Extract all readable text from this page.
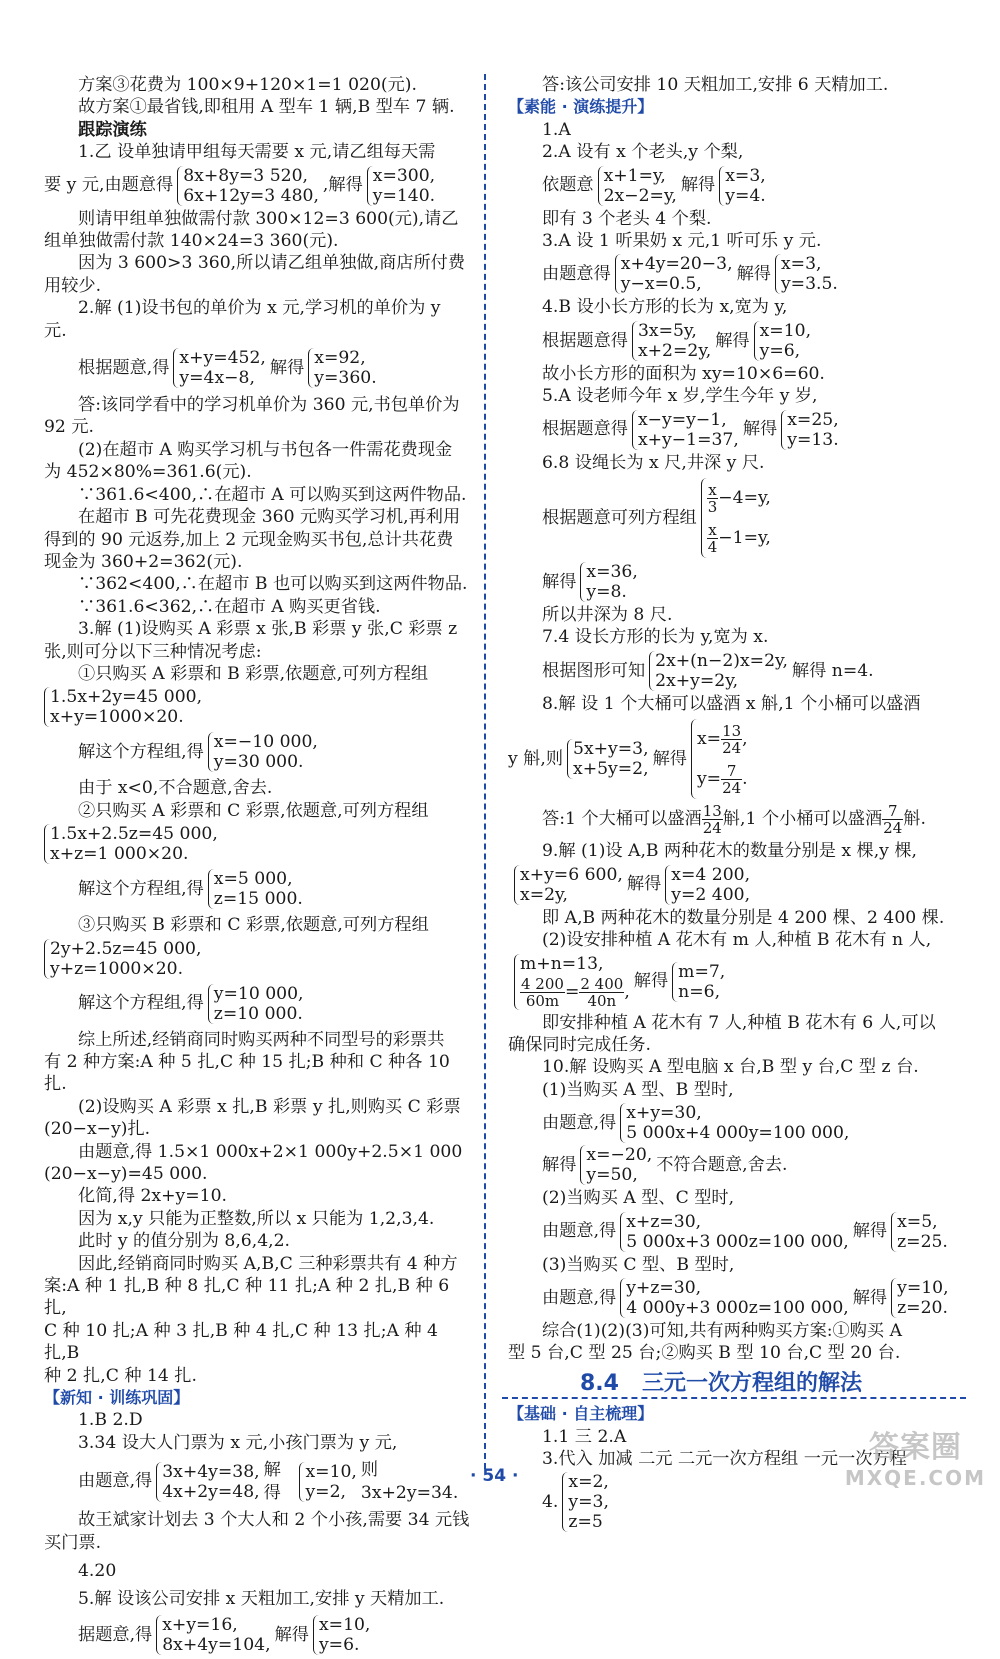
方案③花费为 100×9+120×1=1 020(元).

故方案①最省钱,即租用 A 型车 1 辆,B 型车 7 辆.

跟踪演练

1.乙 设单独请甲组每天需要 x 元,请乙组每天需

要 y 元,由题意得 8x+8y=3 520,
6x+12y=3 480,
,解得 x=300,
y=140.

则请甲组单独做需付款 300×12=3 600(元),请乙

组单独做需付款 140×24=3 360(元).

因为 3 600>3 360,所以请乙组单独做,商店所付费

用较少.

2.解 (1)设书包的单价为 x 元,学习机的单价为 y

元.

根据题意,得 x+y=452,
y=4x−8,
解得 x=92,
y=360.

答:该同学看中的学习机单价为 360 元,书包单价为

92 元.

(2)在超市 A 购买学习机与书包各一件需花费现金

为 452×80%=361.6(元).

∵361.6<400,∴在超市 A 可以购买到这两件物品.

在超市 B 可先花费现金 360 元购买学习机,再利用

得到的 90 元返券,加上 2 元现金购买书包,总计共花费

现金为 360+2=362(元).

∵362<400,∴在超市 B 也可以购买到这两件物品.

∵361.6<362,∴在超市 A 购买更省钱.

3.解 (1)设购买 A 彩票 x 张,B 彩票 y 张,C 彩票 z

张,则可分以下三种情况考虑:

①只购买 A 彩票和 B 彩票,依题意,可列方程组

1.5x+2y=45 000,
x+y=1000×20.
解这个方程组,得 x=−10 000,
y=30 000.

由于 x<0,不合题意,舍去.

②只购买 A 彩票和 C 彩票,依题意,可列方程组

1.5x+2.5z=45 000,
x+z=1 000×20.
解这个方程组,得 x=5 000,
z=15 000.

③只购买 B 彩票和 C 彩票,依题意,可列方程组

2y+2.5z=45 000,
y+z=1000×20.
解这个方程组,得 y=10 000,
z=10 000.

综上所述,经销商同时购买两种不同型号的彩票共

有 2 种方案:A 种 5 扎,C 种 15 扎;B 种和 C 种各 10 扎.

(2)设购买 A 彩票 x 扎,B 彩票 y 扎,则购买 C 彩票

(20−x−y)扎.

由题意,得 1.5×1 000x+2×1 000y+2.5×1 000

(20−x−y)=45 000.

化简,得 2x+y=10.

因为 x,y 只能为正整数,所以 x 只能为 1,2,3,4.

此时 y 的值分别为 8,6,4,2.

因此,经销商同时购买 A,B,C 三种彩票共有 4 种方

案:A 种 1 扎,B 种 8 扎,C 种 11 扎;A 种 2 扎,B 种 6 扎,

C 种 10 扎;A 种 3 扎,B 种 4 扎,C 种 13 扎;A 种 4 扎,B

种 2 扎,C 种 14 扎.

【新知 · 训练巩固】

1.B 2.D

3.34 设大人门票为 x 元,小孩门票为 y 元,

由题意,得 3x+4y=38,
4x+2y=48,
解得
x=10,
y=2,
则 3x+2y=34.

故王斌家计划去 3 个大人和 2 个小孩,需要 34 元钱

买门票.

4.20

5.解 设该公司安排 x 天粗加工,安排 y 天精加工.

据题意,得 x+y=16,
8x+4y=104,
解得 x=10,
y=6.

答:该公司安排 10 天粗加工,安排 6 天精加工.

【素能 · 演练提升】

1.A

2.A 设有 x 个老头,y 个梨,

依题意 x+1=y,
2x−2=y,
解得 x=3,
y=4.

即有 3 个老头 4 个梨.

3.A 设 1 听果奶 x 元,1 听可乐 y 元.

由题意得 x+4y=20−3,
y−x=0.5,
解得 x=3,
y=3.5.

4.B 设小长方形的长为 x,宽为 y,

根据题意得 3x=5y,
x+2=2y,
解得 x=10,
y=6,

故小长方形的面积为 xy=10×6=60.

5.A 设老师今年 x 岁,学生今年 y 岁,

根据题意得 x−y=y−1,
x+y−1=37,
解得 x=25,
y=13.

6.8 设绳长为 x 尺,井深 y 尺.

根据题意可列方程组
$\frac{x}{3} -4=y$,
$\frac{x}{4} -1=y$,
解得 x=36,
y=8.

所以井深为 8 尺.

7.4 设长方形的长为 y,宽为 x.

根据图形可知 2x+(n−2)x=2y,
2x+y=2y,
解得 n=4.

8.解 设 1 个大桶可以盛酒 x 斛,1 个小桶可以盛酒

y 斛,则 5x+y=3,
x+5y=2,
解得
$x= \frac{13}{24}$ ,
$y= \frac{7}{24}$ .
答:1 个大桶可以盛酒 $\frac{13}{24}$ 斛,1 个小桶可以盛酒 $\frac{7}{24}$ 斛.

9.解 (1)设 A,B 两种花木的数量分别是 x 棵,y 棵,

x+y=6 600,
x=2y,
解得 x=4 200,
y=2 400,

即 A,B 两种花木的数量分别是 4 200 棵、2 400 棵.

(2)设安排种植 A 花木有 m 人,种植 B 花木有 n 人,

m+n=13,
$\frac{4 200}{60m} = \frac{2 400}{40n}$ ,
解得 m=7,
n=6,

即安排种植 A 花木有 7 人,种植 B 花木有 6 人,可以

确保同时完成任务.

10.解 设购买 A 型电脑 x 台,B 型 y 台,C 型 z 台.

(1)当购买 A 型、B 型时,

由题意,得 x+y=30,
5 000x+4 000y=100 000,
解得 x=−20,
y=50,
不符合题意,舍去.

(2)当购买 A 型、C 型时,

由题意,得 x+z=30,
5 000x+3 000z=100 000,
解得 x=5,
z=25.

(3)当购买 C 型、B 型时,

由题意,得 y+z=30,
4 000y+3 000z=100 000,
解得 y=10,
z=20.

综合(1)(2)(3)可知,共有两种购买方案:①购买 A

型 5 台,C 型 25 台;②购买 B 型 10 台,C 型 20 台.

8.4 三元一次方程组的解法

【基础 · 自主梳理】

1.1 三 2.A

3.代入 加减 二元 二元一次方程组 一元一次方程

4.
x=2,
y=3,
z=5
· 54 ·
答案圈
MXQE.COM
